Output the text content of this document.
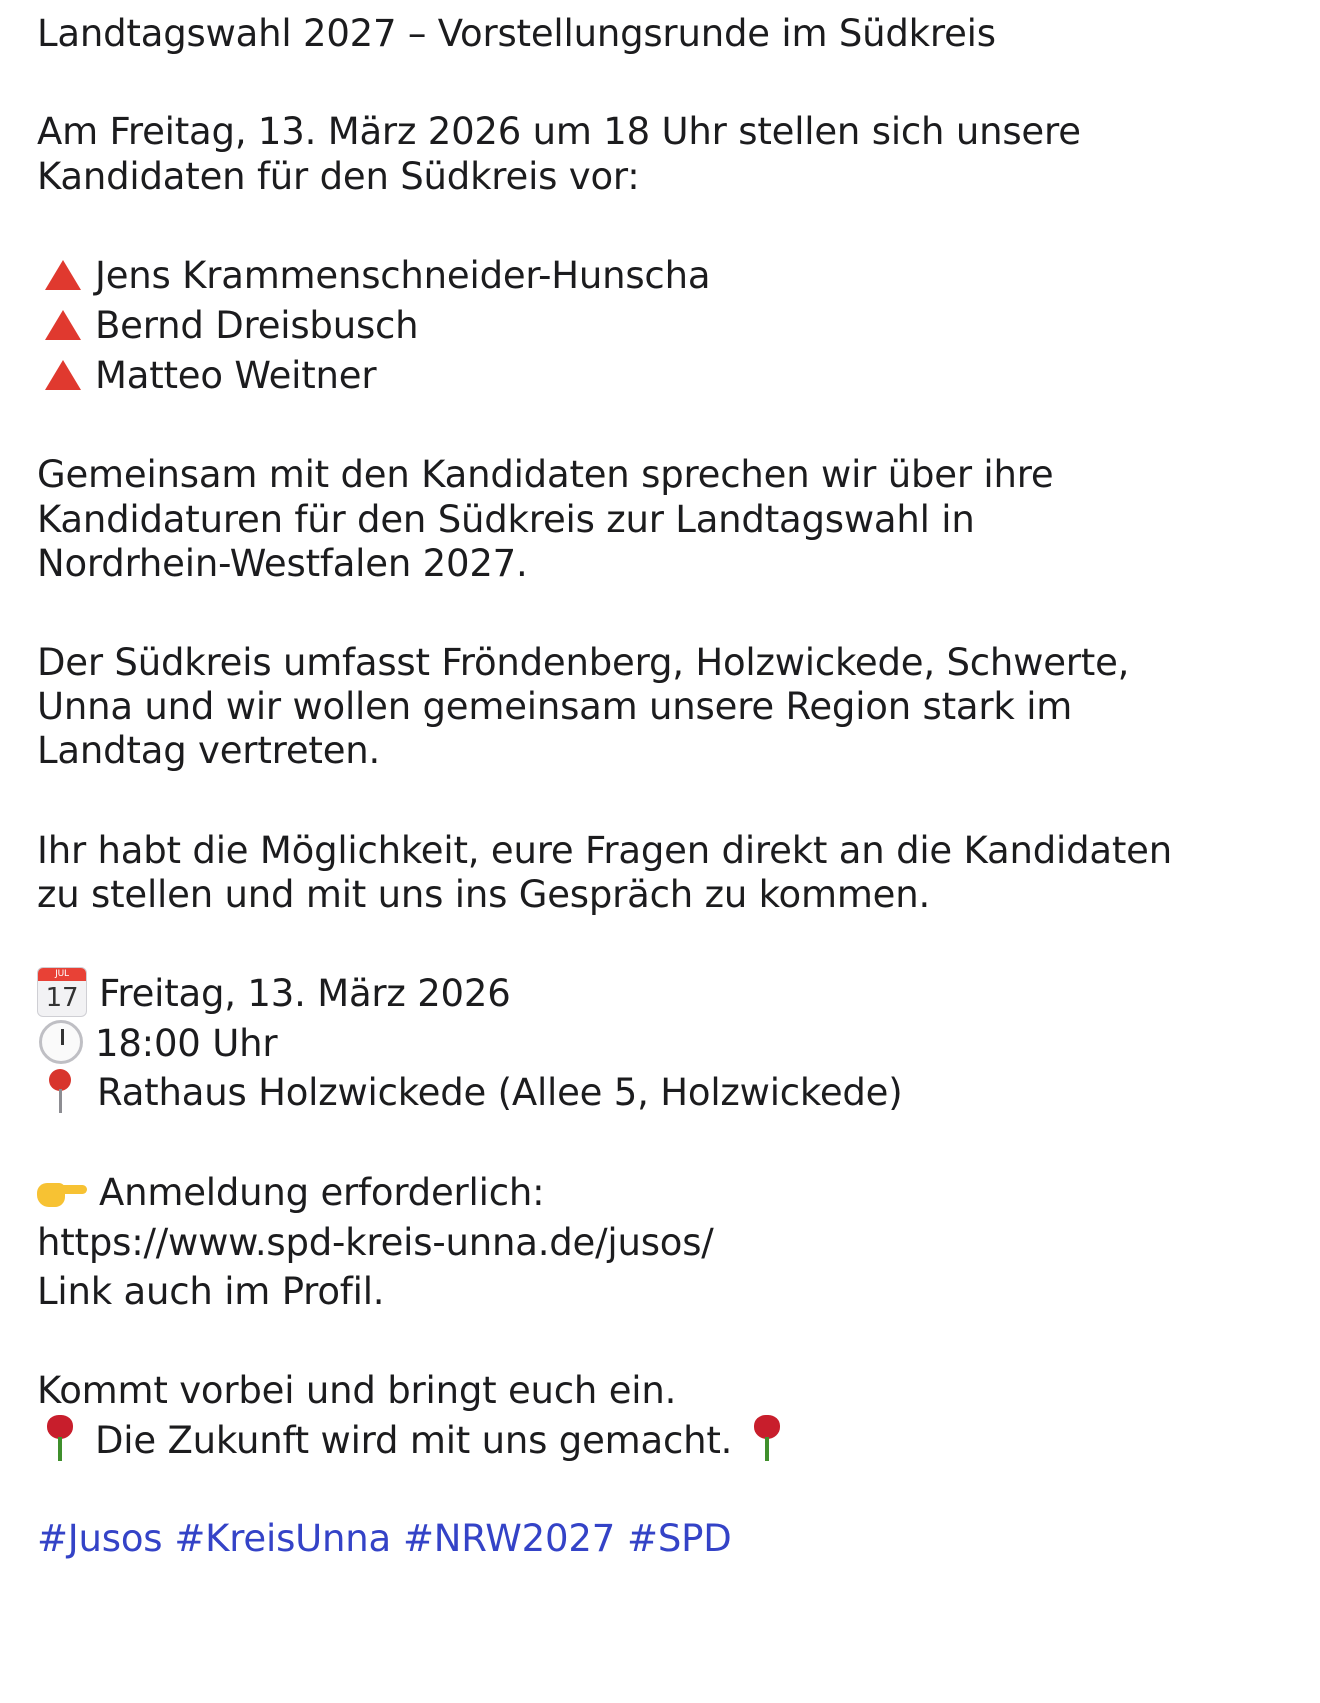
Landtagswahl 2027 – Vorstellungsrunde im Südkreis
Am Freitag, 13. März 2026 um 18 Uhr stellen sich unsere
Kandidaten für den Südkreis vor:
Jens Krammenschneider-Hunscha
Bernd Dreisbusch
Matteo Weitner
Gemeinsam mit den Kandidaten sprechen wir über ihre
Kandidaturen für den Südkreis zur Landtagswahl in
Nordrhein-Westfalen 2027.
Der Südkreis umfasst Fröndenberg, Holzwickede, Schwerte,
Unna und wir wollen gemeinsam unsere Region stark im
Landtag vertreten.
Ihr habt die Möglichkeit, eure Fragen direkt an die Kandidaten
zu stellen und mit uns ins Gespräch zu kommen.
JUL
17 Freitag, 13. März 2026
18:00 Uhr
Rathaus Holzwickede (Allee 5, Holzwickede)
Anmeldung erforderlich:
https://www.spd-kreis-unna.de/jusos/
Link auch im Profil.
Kommt vorbei und bringt euch ein.
Die Zukunft wird mit uns gemacht.
#Jusos #KreisUnna #NRW2027 #SPD
